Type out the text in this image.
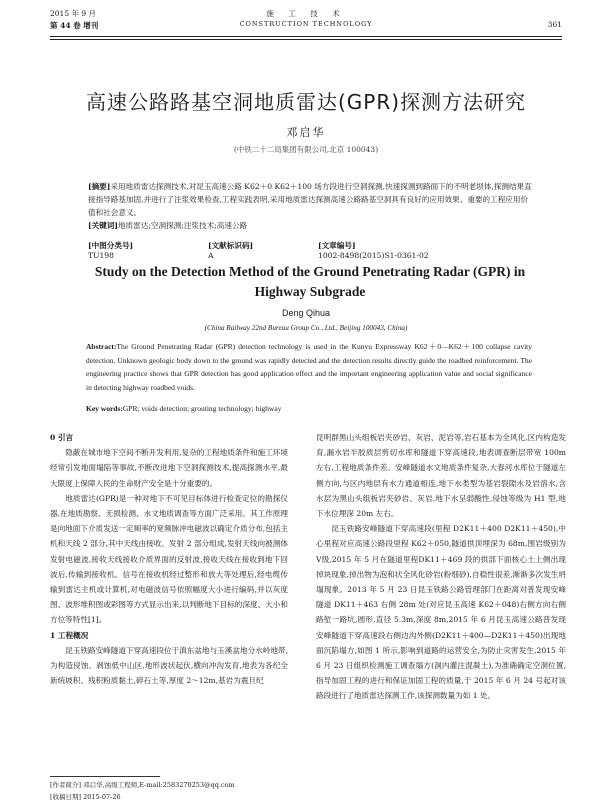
2015 年 9 月
第 44 卷 增刊
施 工 技 术
CONSTRUCTION TECHNOLOGY	361
高速公路路基空洞地质雷达(GPR)探测方法研究
邓启华
(中铁二十二局集团有限公司,北京 100043)
[摘要]采用地质雷达探测技术,对昆玉高速公路 K62＋0 K62＋100 场方段进行空洞探测,快速探测到路面下的不明老坝体,探测结果直接指导路基加固,并进行了注浆效果检查,工程实践表明,采用地质雷达探测高速公路路基空洞具有良好的应用效果、重要的工程应用价值和社会意义。
[关键词]地质雷达;空洞探测;注浆技术;高速公路
[中图分类号]
TU198
[文献标识码]
A
[文章编号]
1002-8498(2015)S1-0361-02
Study on the Detection Method of the Ground Penetrating Radar (GPR) in Highway Subgrade
Deng Qihua
(China Railway 22nd Bureau Group Co., Ltd., Beijing 100043, China)
Abstract:The Ground Penetrating Radar (GPR) detection technology is used in the Kunyu Expressway K62＋0—K62＋100 collapse cavity detection. Unknown geologic body down to the ground was rapidly detected and the detection results directly guide the roadbed reinforcement. The engineering practice shows that GPR detection has good application effect and the important engineering application value and social significance in detecting highway roadbed voids.
Key words:GPR; voids detection; grouting technology; highway

0 引言

隐蔽在城市地下空间不断开发利用,复杂的工程地质条件和施工环境经常引发地面塌陷等事故,不断改进地下空洞探测技术,提高探测水平,最大限度上保障人民的生命财产安全是十分重要的。

地质雷达(GPR)是一种对地下不可见目标体进行检查定位的勘探仪器,在地质勘察、无损检测、水文地质调查等方面广泛采用。其工作原理是向地面下介质发送一定频率的宽频脉冲电磁波以确定介质分布,包括主机和天线 2 部分,其中天线由接收、发射 2 部分组成,发射天线向被测体发射电磁波,接收天线接收介质界面的反射波,接收天线在接收到地下回波后,传输到接收机。信号在接收机经过整形和放大等处理后,经电缆传输到雷达主机或计算机,对电磁波信号依照幅度大小进行编码,并以灰度图、波形堆积图或彩图等方式显示出来,以判断地下目标的深度、大小和方位等特性[1]。

1 工程概况

昆玉铁路安峰隧道下穿高速段位于滇东盆地与玉溪盆地分水岭地带,为构造侵蚀、剥蚀低中山区,地形波状起伏,横向冲沟发育,地表为各纪全新统坡积、残积粉质黏土,碎石土等,厚度 2～12m,基岩为震旦纪

昆明群黑山头组板岩夹砂岩、灰岩、泥岩等,岩石基本为全风化,区内构造发育,漏水岩半胶质层剪切水库和隧道下穿高速段,地表调查断层带宽 100m 左右,工程地质条件差。安峰隧道水文地质条件复杂,大春河水库位于隧道左侧方向,与区内地层有水力通道相连,地下水类型为基岩裂隙水及岩溶水,含水层为黑山头组板岩夹砂岩、灰岩,地下水呈弱酸性,侵蚀等级为 H1 型,地下水位埋深 20m 左右。

昆玉铁路安峰隧道下穿高速段(里程 D2K11＋400 D2K11＋450),中心里程对应高速公路段里程 K62＋050,隧道拱顶埋深为 68m,围岩级别为Ⅴ级,2015 年 5 月在隧道里程DK11＋469 段的拱部下面核心土上侧出现掉块现象,掉出物为泡和状全风化砂岩(粉细砂),自稳性很差,渐渐多次发生坍塌现象。2013 年 5 月 23 日昆玉铁路公路管理部门在距离对普发现安峰隧道 DK11＋463 右侧 28m 处(对应昆玉高速 K62＋048)右侧方向右侧路堑一路坑,圆形,直径 5.3m,深度 8m,2015 年 6 月昆玉高速公路普发现安峰隧道下穿高速段右侧边沟外侧(D2K11＋400—D2K11＋450)出现地面沉陷塌方,如图 1 所示,影响到道路的运营安全,为防止灾害发生,2015 年 6 月 23 日组织检测施工调查塌方(洞内灌注混凝土),为准确确定空洞位置,指导加固工程的进行和保证加固工程的质量,于 2015 年 6 月 24 号起对该路段进行了地质雷达探测工作,该探测数量为如 1 处。

[作者简介] 邓启华,高级工程师,E-mail:2583270253@qq.com
[收稿日期] 2015-07-26
